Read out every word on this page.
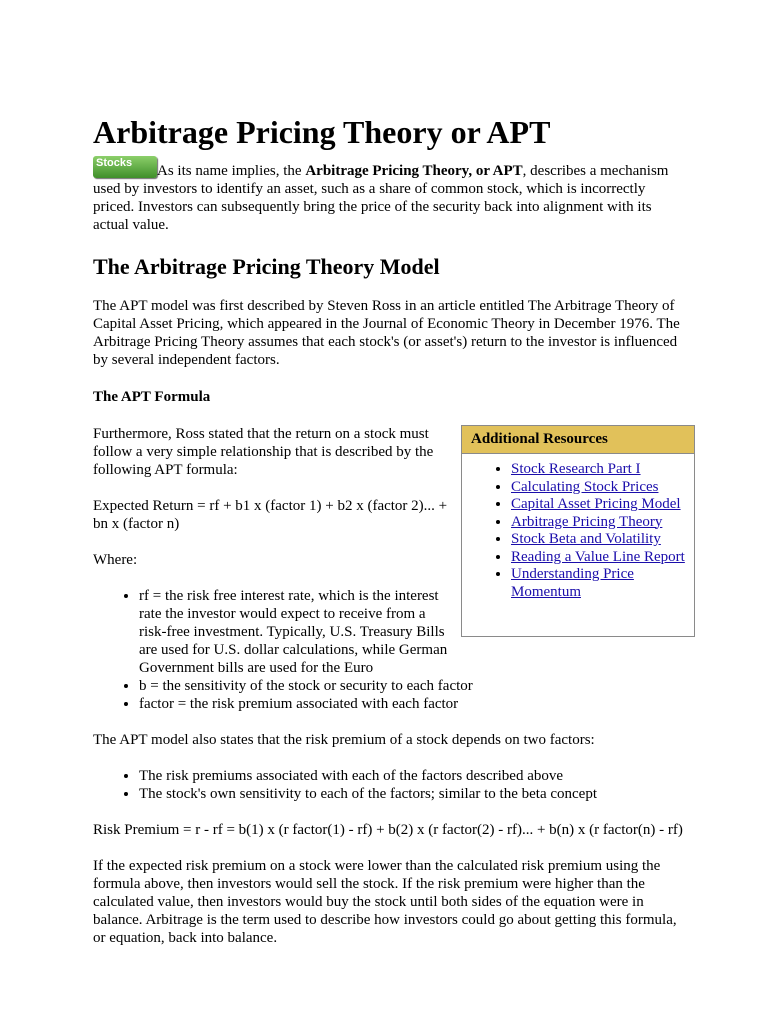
Arbitrage Pricing Theory or APT

Stocks As its name implies, the Arbitrage Pricing Theory, or APT, describes a mechanism used by investors to identify an asset, such as a share of common stock, which is incorrectly priced. Investors can subsequently bring the price of the security back into alignment with its actual value.

The Arbitrage Pricing Theory Model

The APT model was first described by Steven Ross in an article entitled The Arbitrage Theory of Capital Asset Pricing, which appeared in the Journal of Economic Theory in December 1976. The Arbitrage Pricing Theory assumes that each stock's (or asset's) return to the investor is influenced by several independent factors.

The APT Formula
Additional Resources
• Stock Research Part I
• Calculating Stock Prices
• Capital Asset Pricing Model
• Arbitrage Pricing Theory
• Stock Beta and Volatility
• Reading a Value Line Report
• Understanding Price Momentum

Furthermore, Ross stated that the return on a stock must follow a very simple relationship that is described by the following APT formula:

Expected Return = rf + b1 x (factor 1) + b2 x (factor 2)... + bn x (factor n)

Where:

• rf = the risk free interest rate, which is the interest rate the investor would expect to receive from a risk-free investment. Typically, U.S. Treasury Bills are used for U.S. dollar calculations, while German Government bills are used for the Euro
• b = the sensitivity of the stock or security to each factor
• factor = the risk premium associated with each factor

The APT model also states that the risk premium of a stock depends on two factors:

• The risk premiums associated with each of the factors described above
• The stock's own sensitivity to each of the factors; similar to the beta concept

Risk Premium = r - rf = b(1) x (r factor(1) - rf) + b(2) x (r factor(2) - rf)... + b(n) x (r factor(n) - rf)

If the expected risk premium on a stock were lower than the calculated risk premium using the formula above, then investors would sell the stock. If the risk premium were higher than the calculated value, then investors would buy the stock until both sides of the equation were in balance. Arbitrage is the term used to describe how investors could go about getting this formula, or equation, back into balance.
